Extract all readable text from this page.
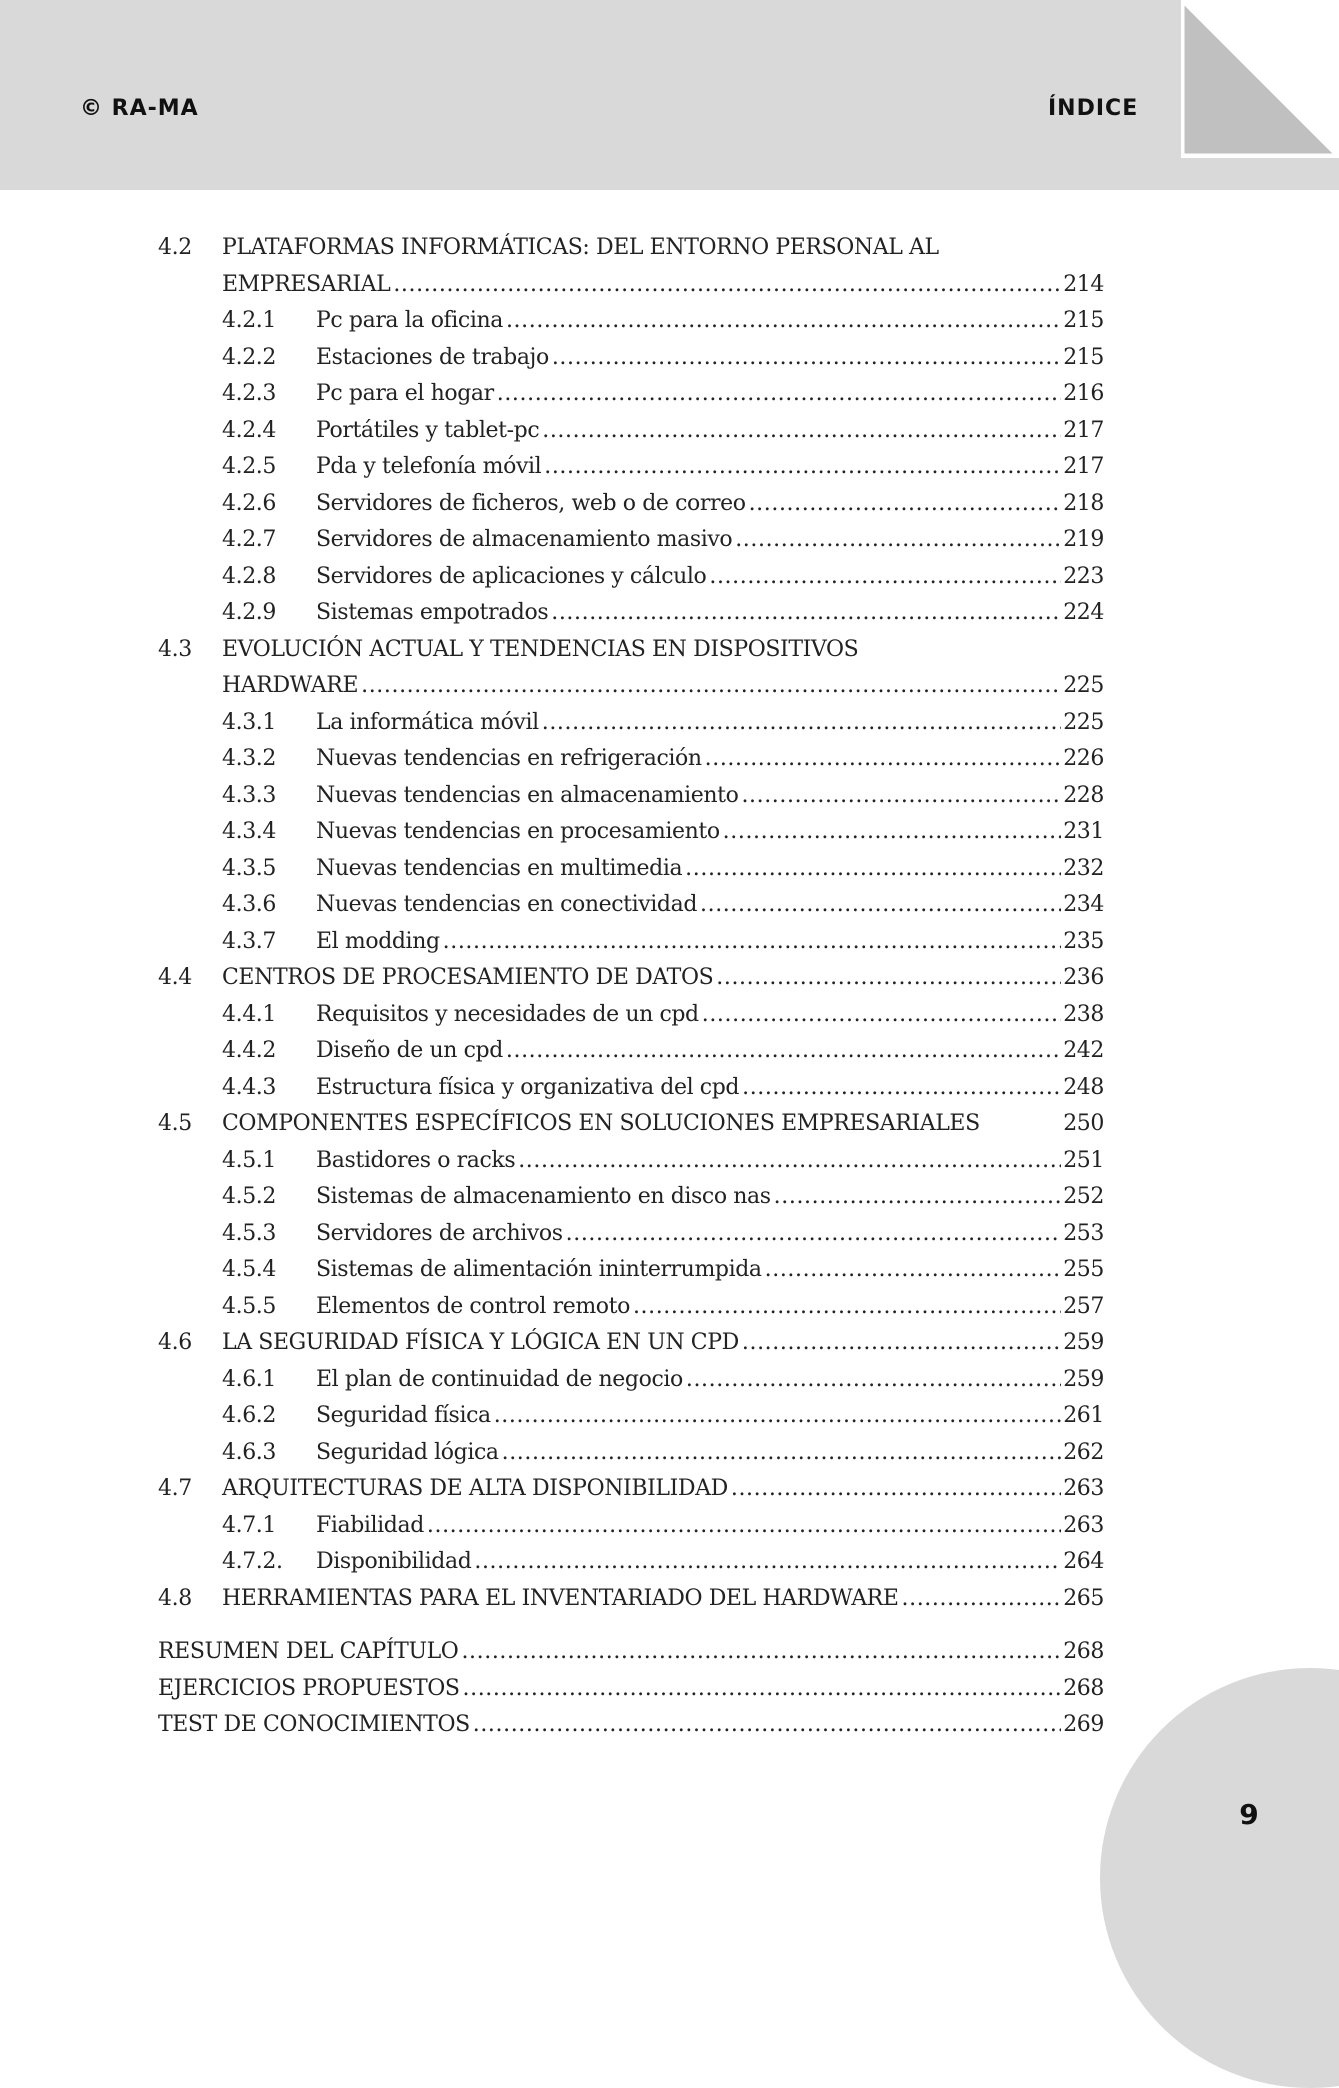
© RA-MA	ÍNDICE
4.2 PLATAFORMAS INFORMÁTICAS: DEL ENTORNO PERSONAL AL
EMPRESARIAL .....	214
4.2.1 Pc para la oficina .....	215
4.2.2 Estaciones de trabajo .....	215
4.2.3 Pc para el hogar .....	216
4.2.4 Portátiles y tablet-pc .....	217
4.2.5 Pda y telefonía móvil .....	217
4.2.6 Servidores de ficheros, web o de correo .....	218
4.2.7 Servidores de almacenamiento masivo .....	219
4.2.8 Servidores de aplicaciones y cálculo .....	223
4.2.9 Sistemas empotrados .....	224
4.3 EVOLUCIÓN ACTUAL Y TENDENCIAS EN DISPOSITIVOS
HARDWARE .....	225
4.3.1 La informática móvil .....	225
4.3.2 Nuevas tendencias en refrigeración .....	226
4.3.3 Nuevas tendencias en almacenamiento .....	228
4.3.4 Nuevas tendencias en procesamiento .....	231
4.3.5 Nuevas tendencias en multimedia .....	232
4.3.6 Nuevas tendencias en conectividad .....	234
4.3.7 El modding .....	235
4.4 CENTROS DE PROCESAMIENTO DE DATOS .....	236
4.4.1 Requisitos y necesidades de un cpd .....	238
4.4.2 Diseño de un cpd .....	242
4.4.3 Estructura física y organizativa del cpd .....	248
4.5 COMPONENTES ESPECÍFICOS EN SOLUCIONES EMPRESARIALES	250
4.5.1 Bastidores o racks .....	251
4.5.2 Sistemas de almacenamiento en disco nas .....	252
4.5.3 Servidores de archivos .....	253
4.5.4 Sistemas de alimentación ininterrumpida .....	255
4.5.5 Elementos de control remoto .....	257
4.6 LA SEGURIDAD FÍSICA Y LÓGICA EN UN CPD .....	259
4.6.1 El plan de continuidad de negocio .....	259
4.6.2 Seguridad física .....	261
4.6.3 Seguridad lógica .....	262
4.7 ARQUITECTURAS DE ALTA DISPONIBILIDAD .....	263
4.7.1 Fiabilidad .....	263
4.7.2. Disponibilidad .....	264
4.8 HERRAMIENTAS PARA EL INVENTARIADO DEL HARDWARE .....	265
RESUMEN DEL CAPÍTULO .....	268
EJERCICIOS PROPUESTOS .....	268
TEST DE CONOCIMIENTOS .....	269
9
